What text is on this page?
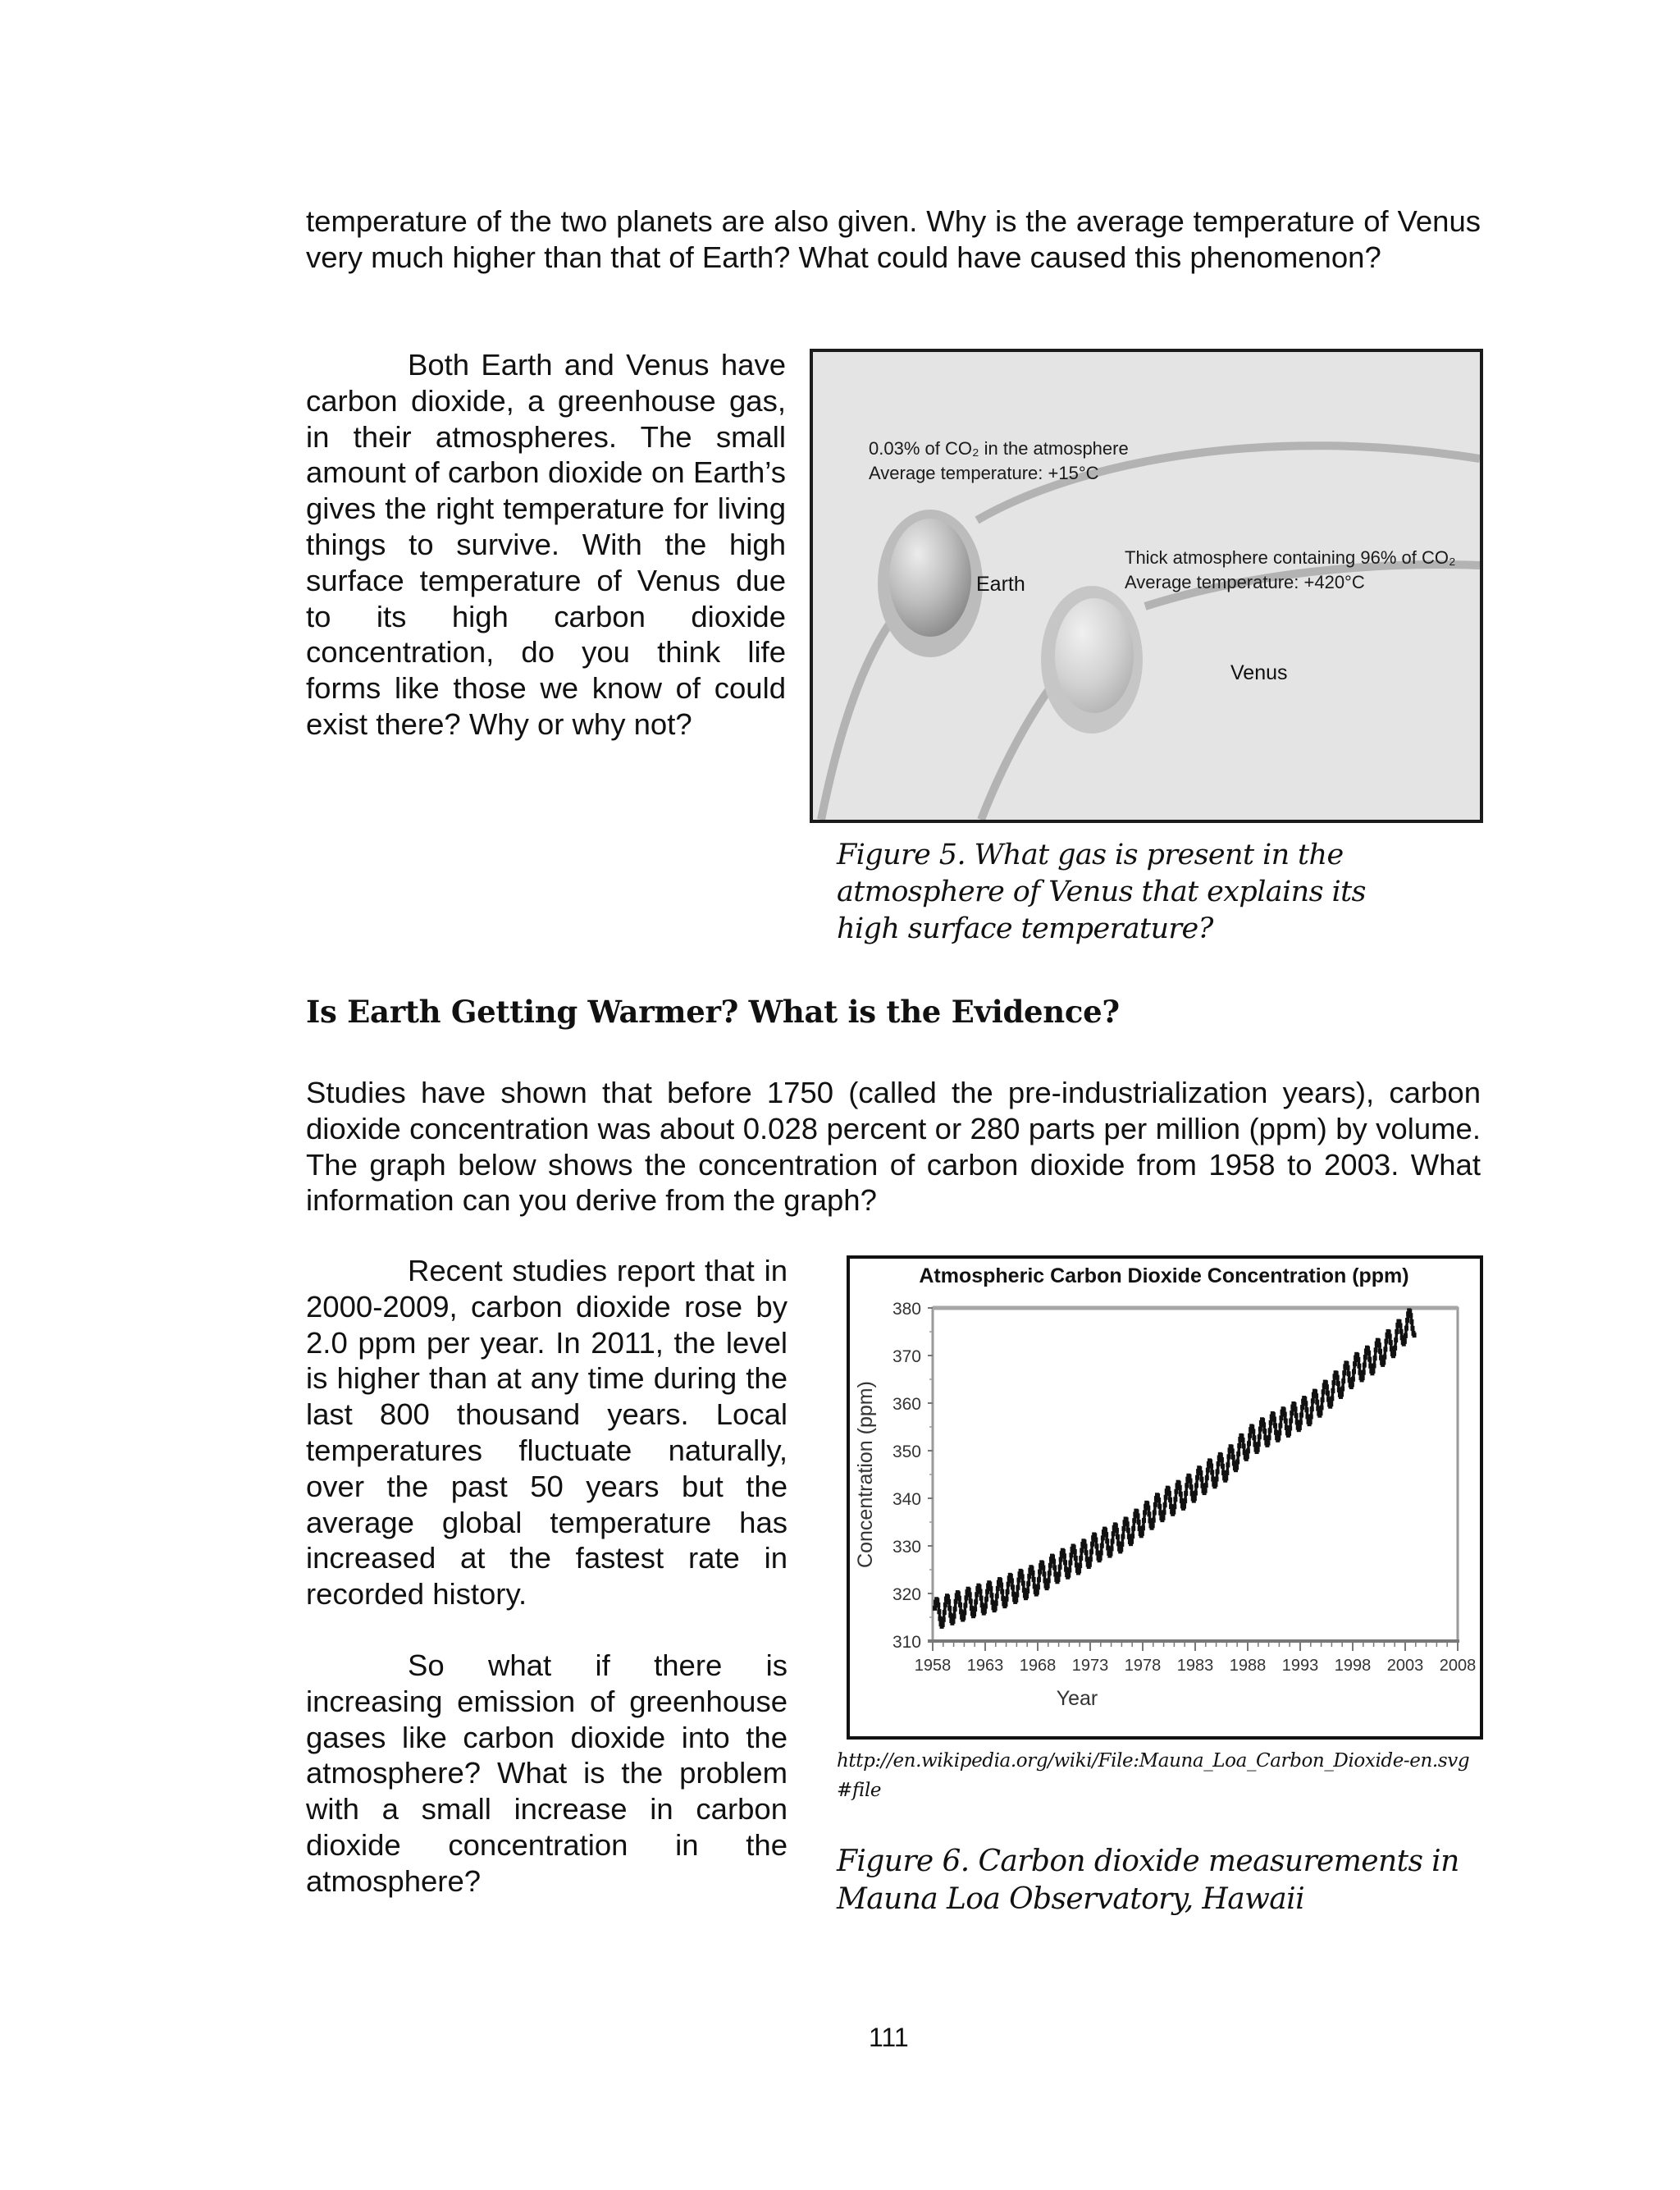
temperature of the two planets are also given. Why is the average temperature of Venus very much higher than that of Earth? What could have caused this phenomenon?

Both Earth and Venus have carbon dioxide, a greenhouse gas, in their atmospheres. The small amount of carbon dioxide on Earth’s gives the right temperature for living things to survive. With the high surface temperature of Venus due to its high carbon dioxide concentration, do you think life forms like those we know of could exist there? Why or why not?

0.03% of CO₂ in the atmosphere
Average temperature: +15°C
Thick atmosphere containing 96% of CO₂
Average temperature: +420°C
Earth
Venus

Figure 5. What gas is present in the atmosphere of Venus that explains its high surface temperature?

Is Earth Getting Warmer? What is the Evidence?

Studies have shown that before 1750 (called the pre-industrialization years), carbon dioxide concentration was about 0.028 percent or 280 parts per million (ppm) by volume. The graph below shows the concentration of carbon dioxide from 1958 to 2003. What information can you derive from the graph?

Recent studies report that in 2000-2009, carbon dioxide rose by 2.0 ppm per year. In 2011, the level is higher than at any time during the last 800 thousand years. Local temperatures fluctuate naturally, over the past 50 years but the average global temperature has increased at the fastest rate in recorded history.

So what if there is increasing emission of greenhouse gases like carbon dioxide into the atmosphere? What is the problem with a small increase in carbon dioxide concentration in the atmosphere?

Atmospheric Carbon Dioxide Concentration (ppm)
380
370
360
350
340
330
320
310
1958 1963 1968 1973 1978 1983 1988 1993 1998 2003 2008
Concentration (ppm)
Year

http://en.wikipedia.org/wiki/File:Mauna_Loa_Carbon_Dioxide-en.svg#file

Figure 6. Carbon dioxide measurements in Mauna Loa Observatory, Hawaii

111
